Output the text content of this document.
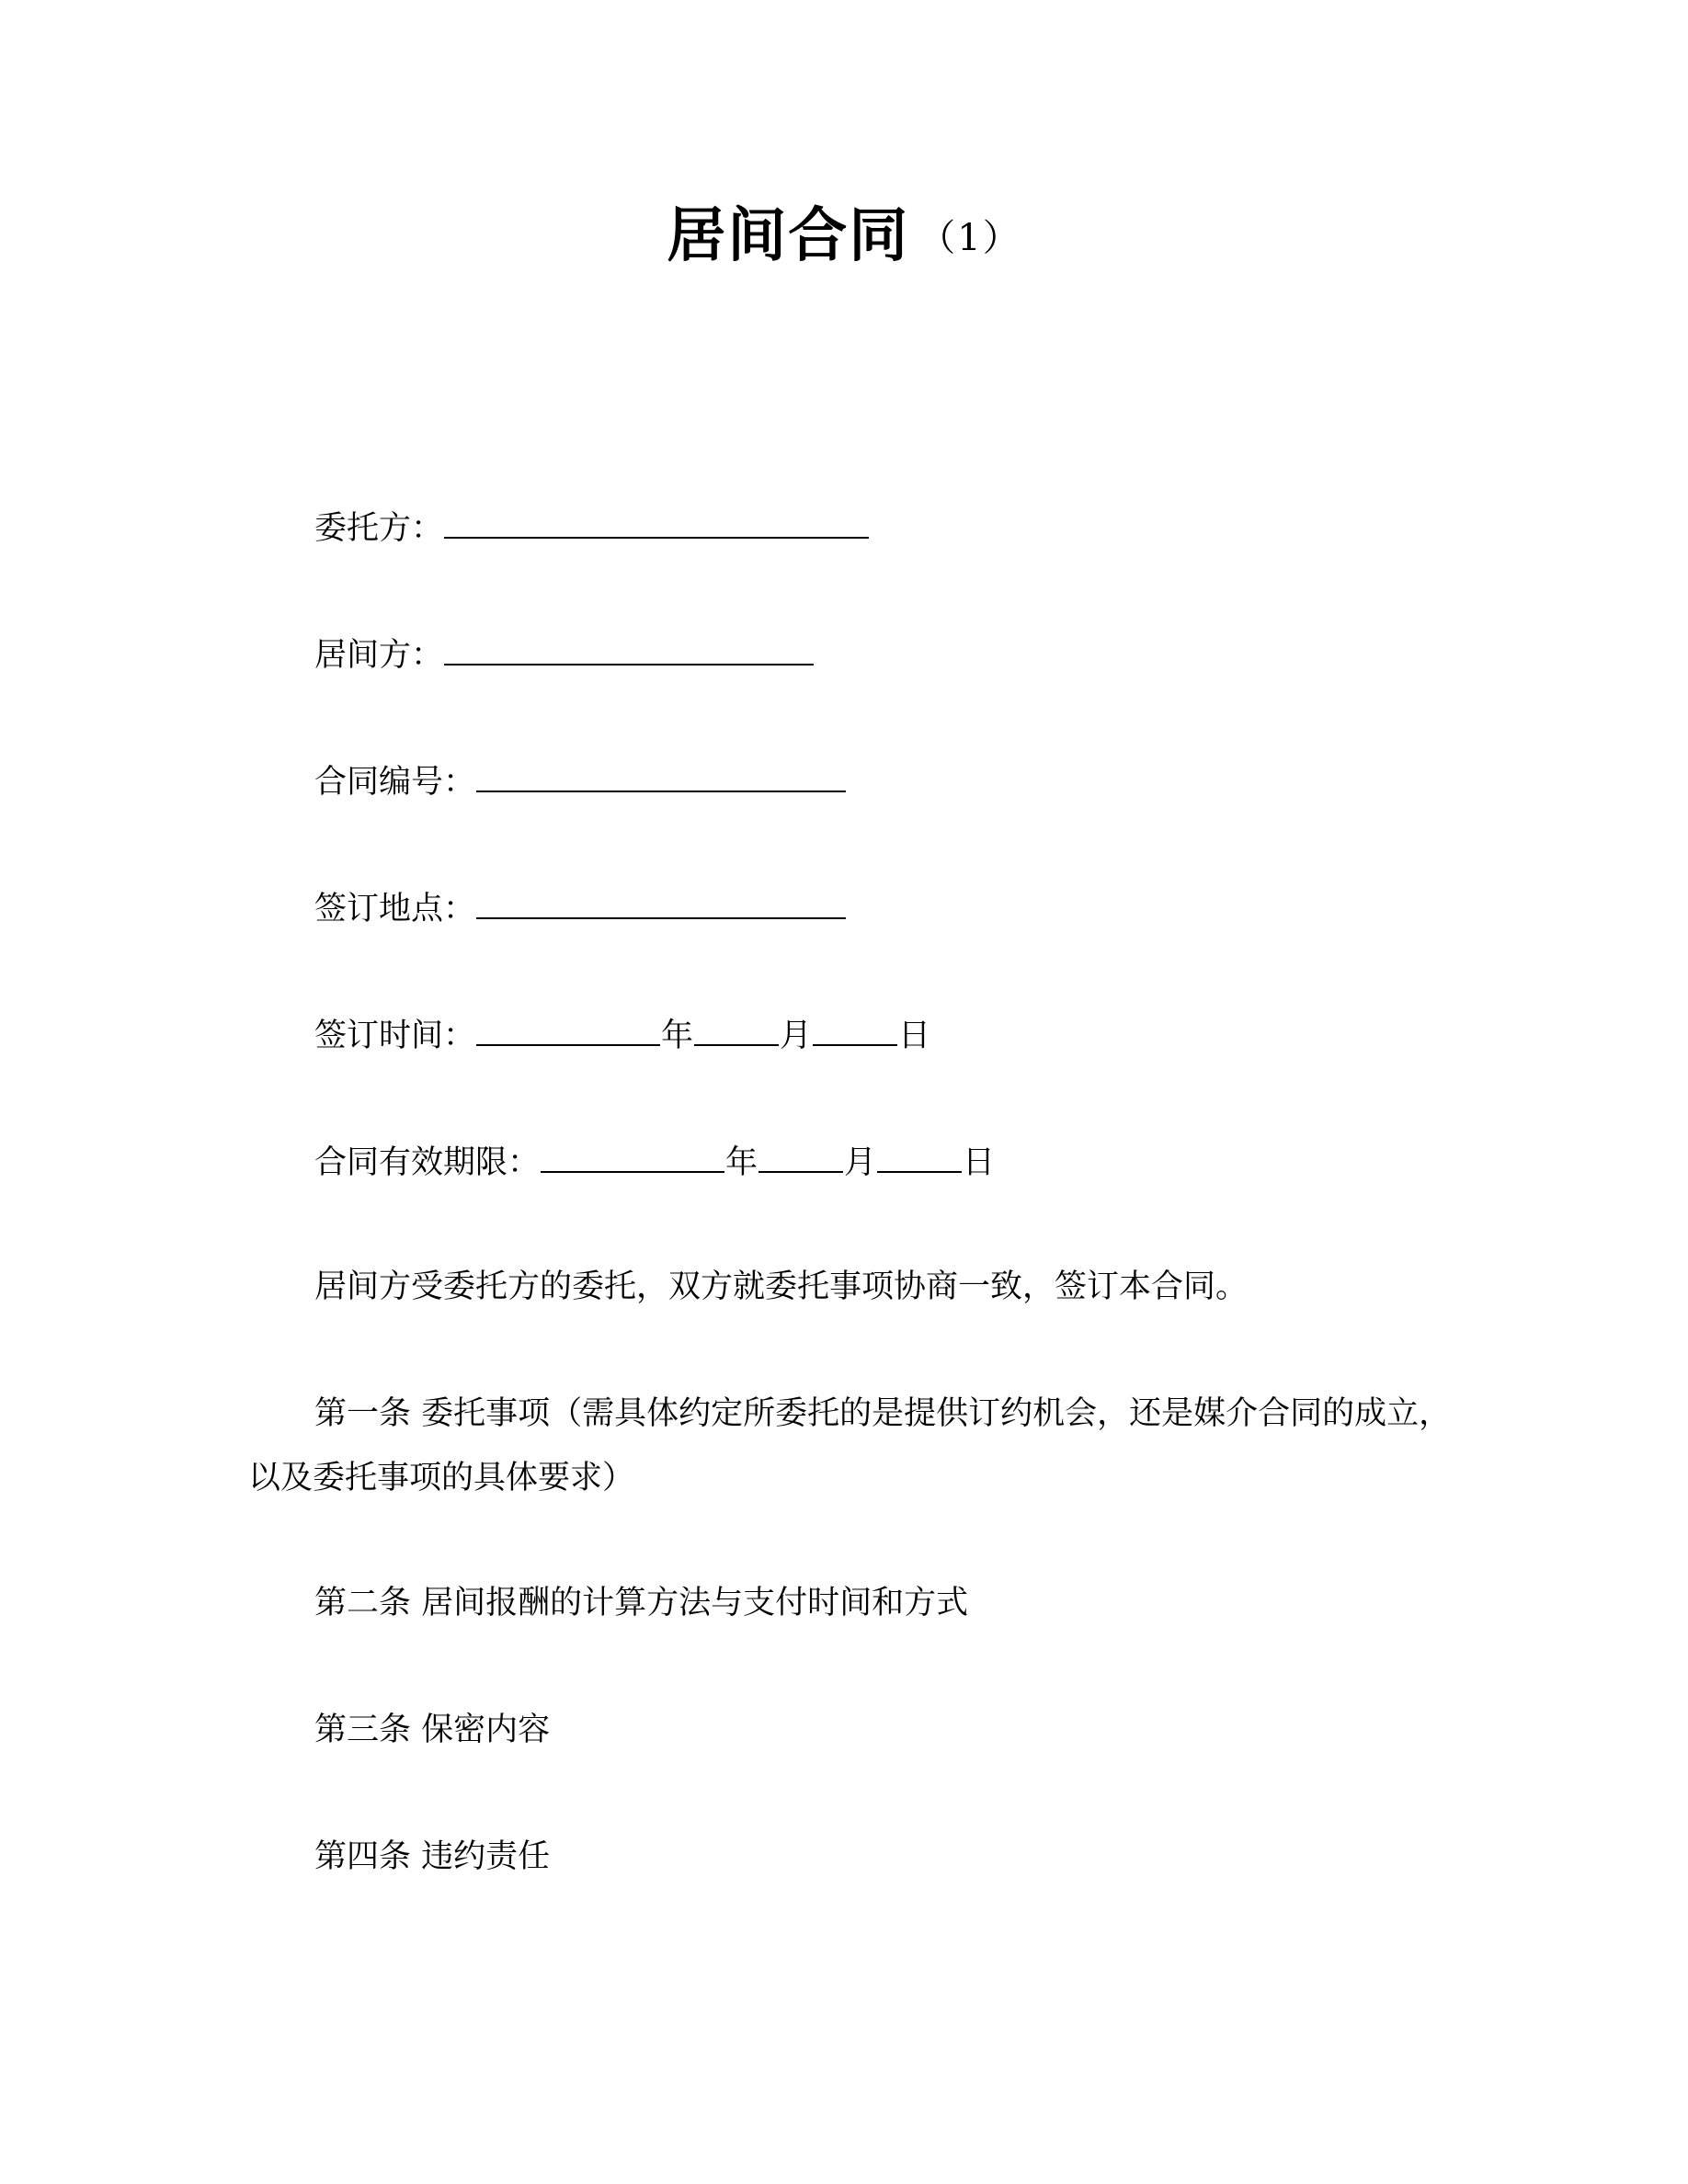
居间合同 （1）
委托方：
居间方：
合同编号：
签订地点：
签订时间：	年	月	日
合同有效期限：	年	月	日
居间方受委托方的委托，双方就委托事项协商一致，签订本合同。
第一条 委托事项（需具体约定所委托的是提供订约机会，还是媒介合同的成立，以及委托事项的具体要求）
第二条 居间报酬的计算方法与支付时间和方式
第三条 保密内容
第四条 违约责任
